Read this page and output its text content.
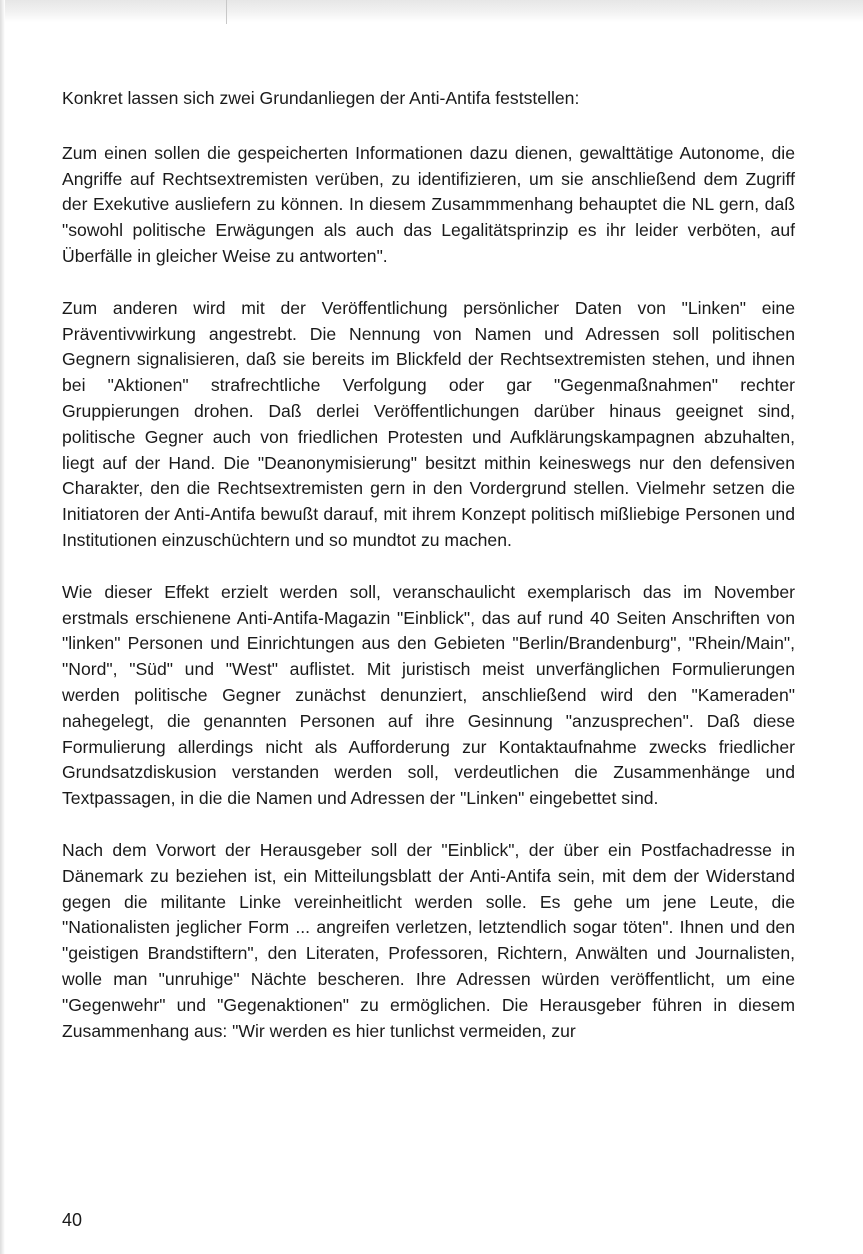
Konkret lassen sich zwei Grundanliegen der Anti-Antifa feststellen:

Zum einen sollen die gespeicherten Informationen dazu dienen, gewalttätige Autonome, die Angriffe auf Rechtsextremisten verüben, zu identifizieren, um sie anschließend dem Zugriff der Exekutive ausliefern zu können. In diesem Zusammmenhang behauptet die NL gern, daß "sowohl politische Erwägungen als auch das Legalitätsprinzip es ihr leider verböten, auf Überfälle in gleicher Weise zu antworten".

Zum anderen wird mit der Veröffentlichung persönlicher Daten von "Linken" eine Präventivwirkung angestrebt. Die Nennung von Namen und Adressen soll politischen Gegnern signalisieren, daß sie bereits im Blickfeld der Rechtsextremisten stehen, und ihnen bei "Aktionen" strafrechtliche Verfolgung oder gar "Gegenmaßnahmen" rechter Gruppierungen drohen. Daß derlei Veröffentlichungen darüber hinaus geeignet sind, politische Gegner auch von friedlichen Protesten und Aufklärungskampagnen abzuhalten, liegt auf der Hand. Die "Deanonymisierung" besitzt mithin keineswegs nur den defensiven Charakter, den die Rechtsextremisten gern in den Vordergrund stellen. Vielmehr setzen die Initiatoren der Anti-Antifa bewußt darauf, mit ihrem Konzept politisch mißliebige Personen und Institutionen einzuschüchtern und so mundtot zu machen.

Wie dieser Effekt erzielt werden soll, veranschaulicht exemplarisch das im November erstmals erschienene Anti-Antifa-Magazin "Einblick", das auf rund 40 Seiten Anschriften von "linken" Personen und Einrichtungen aus den Gebieten "Berlin/Brandenburg", "Rhein/Main", "Nord", "Süd" und "West" auflistet. Mit juristisch meist unverfänglichen Formulierungen werden politische Gegner zunächst denunziert, anschließend wird den "Kameraden" nahegelegt, die genannten Personen auf ihre Gesinnung "anzusprechen". Daß diese Formulierung allerdings nicht als Aufforderung zur Kontaktaufnahme zwecks friedlicher Grundsatzdiskusion verstanden werden soll, verdeutlichen die Zusammenhänge und Textpassagen, in die die Namen und Adressen der "Linken" eingebettet sind.

Nach dem Vorwort der Herausgeber soll der "Einblick", der über ein Postfachadresse in Dänemark zu beziehen ist, ein Mitteilungsblatt der Anti-Antifa sein, mit dem der Widerstand gegen die militante Linke vereinheitlicht werden solle. Es gehe um jene Leute, die "Nationalisten jeglicher Form ... angreifen verletzen, letztendlich sogar töten". Ihnen und den "geistigen Brandstiftern", den Literaten, Professoren, Richtern, Anwälten und Journalisten, wolle man "unruhige" Nächte bescheren. Ihre Adressen würden veröffentlicht, um eine "Gegenwehr" und "Gegenaktionen" zu ermöglichen. Die Herausgeber führen in diesem Zusammenhang aus: "Wir werden es hier tunlichst vermeiden, zur

40
